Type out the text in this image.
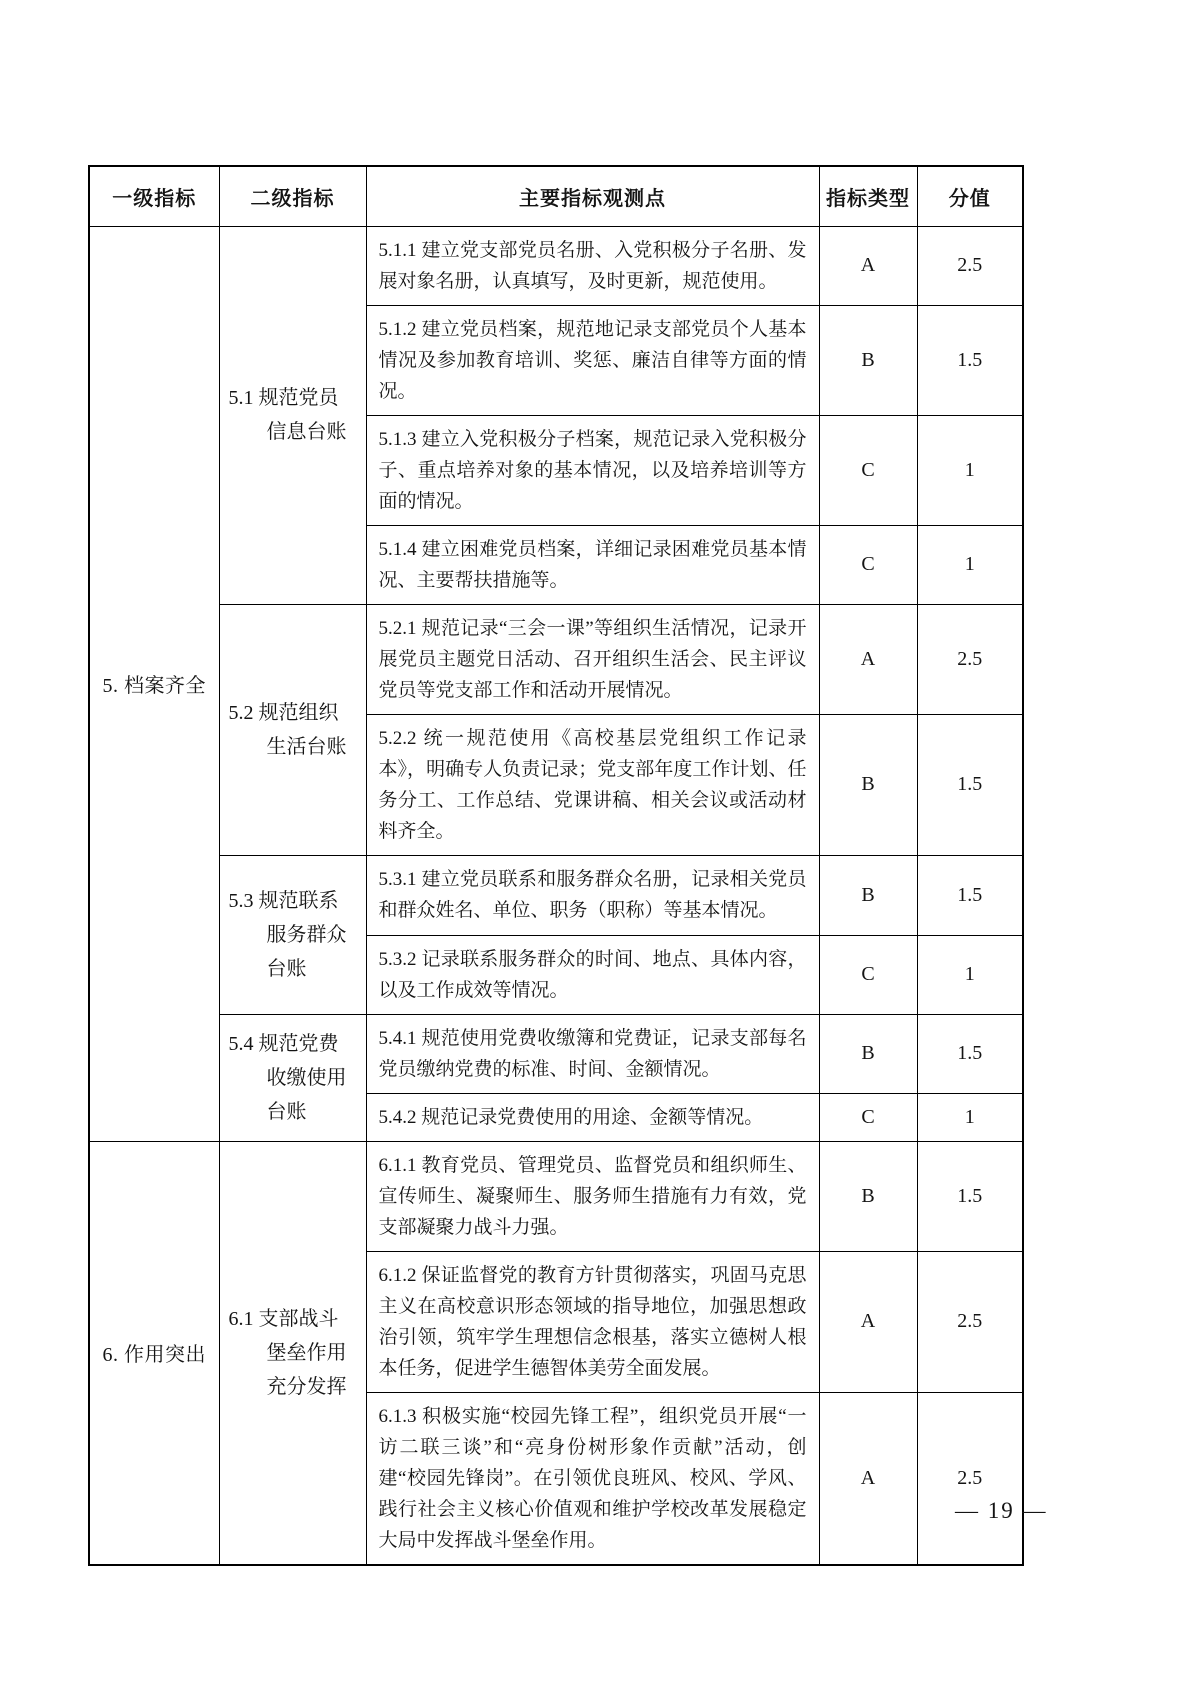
一级指标	二级指标	主要指标观测点	指标类型	分值
5. 档案齐全	5.1 规范党员信息台账	5.1.1 建立党支部党员名册、入党积极分子名册、发展对象名册，认真填写，及时更新，规范使用。	A	2.5
		5.1.2 建立党员档案，规范地记录支部党员个人基本情况及参加教育培训、奖惩、廉洁自律等方面的情况。	B	1.5
		5.1.3 建立入党积极分子档案，规范记录入党积极分子、重点培养对象的基本情况，以及培养培训等方面的情况。	C	1
		5.1.4 建立困难党员档案，详细记录困难党员基本情况、主要帮扶措施等。	C	1

	5.2 规范组织生活台账	5.2.1 规范记录“三会一课”等组织生活情况，记录开展党员主题党日活动、召开组织生活会、民主评议党员等党支部工作和活动开展情况。	A	2.5
		5.2.2 统一规范使用《高校基层党组织工作记录本》，明确专人负责记录；党支部年度工作计划、任务分工、工作总结、党课讲稿、相关会议或活动材料齐全。	B	1.5

	5.3 规范联系服务群众台账	5.3.1 建立党员联系和服务群众名册，记录相关党员和群众姓名、单位、职务（职称）等基本情况。	B	1.5
		5.3.2 记录联系服务群众的时间、地点、具体内容，以及工作成效等情况。	C	1

	5.4 规范党费收缴使用台账	5.4.1 规范使用党费收缴簿和党费证，记录支部每名党员缴纳党费的标准、时间、金额情况。	B	1.5
		5.4.2 规范记录党费使用的用途、金额等情况。	C	1
6. 作用突出	6.1 支部战斗堡垒作用充分发挥	6.1.1 教育党员、管理党员、监督党员和组织师生、宣传师生、凝聚师生、服务师生措施有力有效，党支部凝聚力战斗力强。	B	1.5
		6.1.2 保证监督党的教育方针贯彻落实，巩固马克思主义在高校意识形态领域的指导地位，加强思想政治引领，筑牢学生理想信念根基，落实立德树人根本任务，促进学生德智体美劳全面发展。	A	2.5
		6.1.3 积极实施“校园先锋工程”，组织党员开展“一访二联三谈”和“亮身份树形象作贡献”活动，创建“校园先锋岗”。在引领优良班风、校风、学风、践行社会主义核心价值观和维护学校改革发展稳定大局中发挥战斗堡垒作用。	A	2.5
— 19 —
